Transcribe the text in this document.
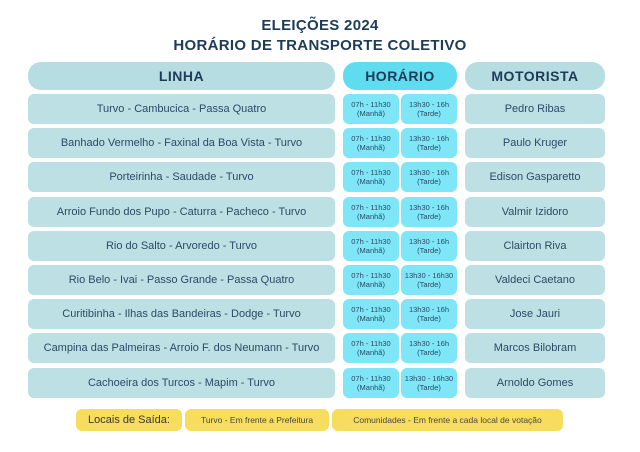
ELEIÇÕES 2024
HORÁRIO DE TRANSPORTE COLETIVO
LINHA	HORÁRIO	MOTORISTA
Turvo - Cambucica - Passa Quatro	07h - 11h30
(Manhã)
13h30 - 16h
(Tarde)	Pedro Ribas
Banhado Vermelho - Faxinal da Boa Vista - Turvo	07h - 11h30
(Manhã)
13h30 - 16h
(Tarde)	Paulo Kruger
Porteirinha - Saudade - Turvo	07h - 11h30
(Manhã)
13h30 - 16h
(Tarde)	Edison Gasparetto
Arroio Fundo dos Pupo - Caturra - Pacheco - Turvo	07h - 11h30
(Manhã)
13h30 - 16h
(Tarde)	Valmir Izidoro
Rio do Salto - Arvoredo - Turvo	07h - 11h30
(Manhã)
13h30 - 16h
(Tarde)	Clairton Riva
Rio Belo - Ivai - Passo Grande - Passa Quatro	07h - 11h30
(Manhã)
13h30 - 16h30
(Tarde)	Valdeci Caetano
Curitibinha - Ilhas das Bandeiras - Dodge - Turvo	07h - 11h30
(Manhã)
13h30 - 16h
(Tarde)	Jose Jauri
Campina das Palmeiras - Arroio F. dos Neumann - Turvo	07h - 11h30
(Manhã)
13h30 - 16h
(Tarde)	Marcos Bilobram
Cachoeira dos Turcos - Mapim - Turvo	07h - 11h30
(Manhã)
13h30 - 16h30
(Tarde)	Arnoldo Gomes
Locais de Saída:	Turvo - Em frente a Prefeitura	Comunidades - Em frente a cada local de votação
